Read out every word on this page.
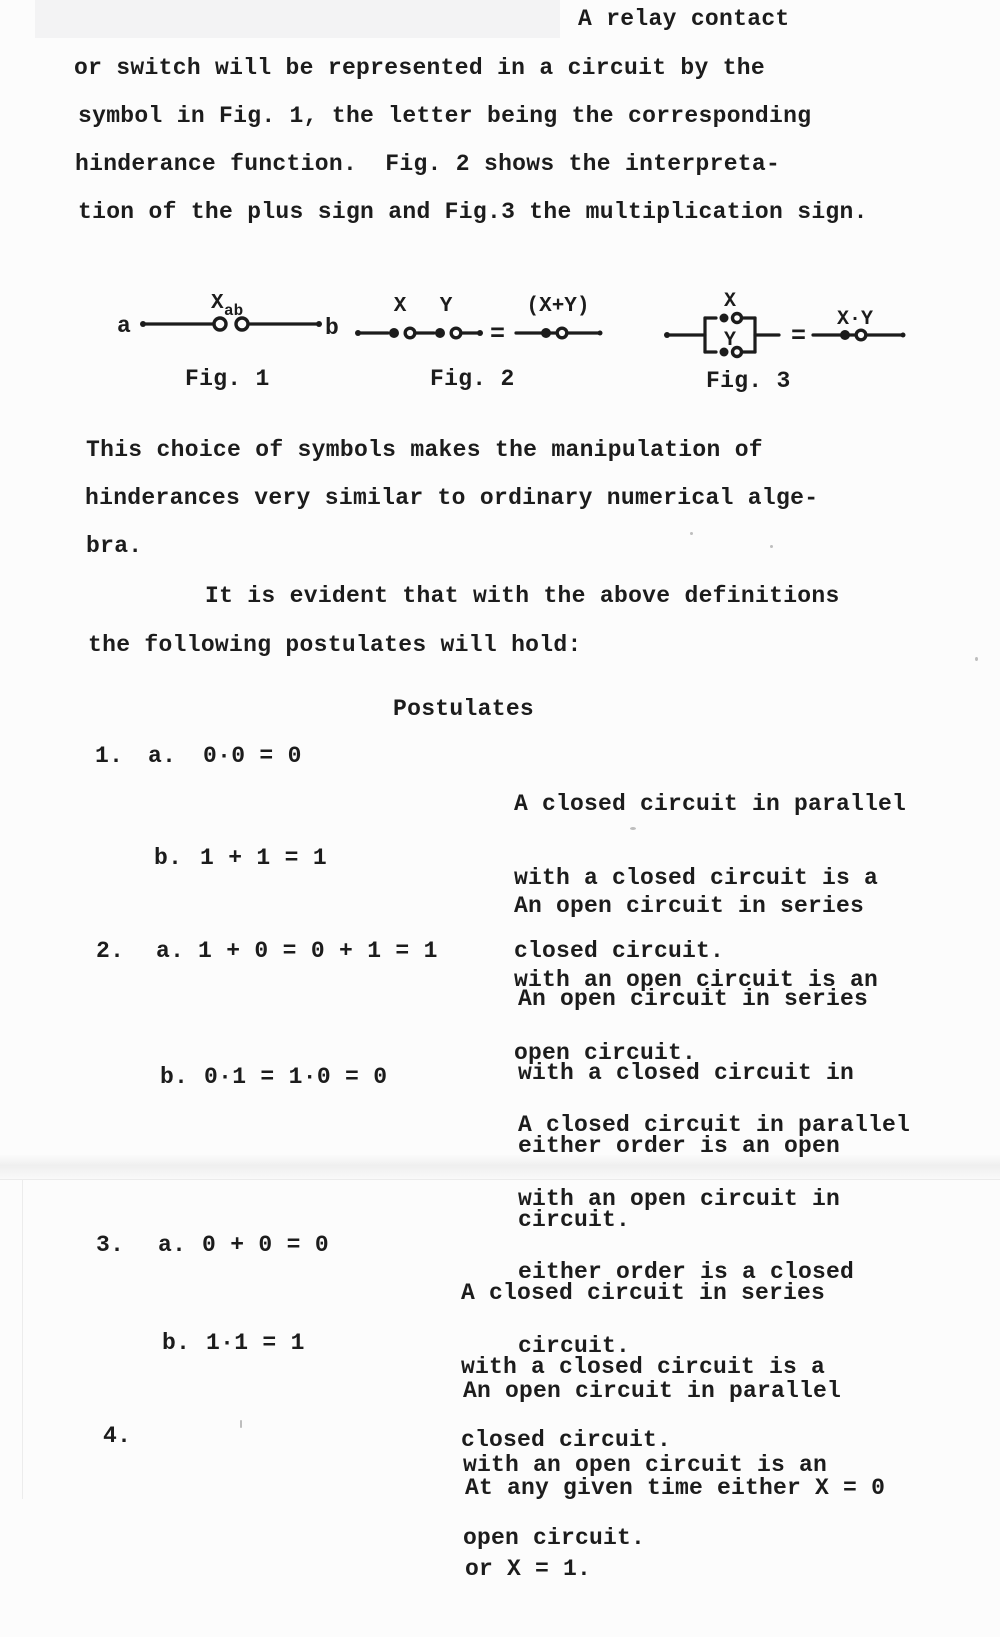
A relay contact
or switch will be represented in a circuit by the
symbol in Fig. 1, the letter being the corresponding
hinderance function.  Fig. 2 shows the interpreta-
tion of the plus sign and Fig.3 the multiplication sign.
a	b
X ab
Fig. 1
X Y
=
(X+Y)
Fig. 2
X
Y =
X·Y
Fig. 3
This choice of symbols makes the manipulation of
hinderances very similar to ordinary numerical alge-
bra.
It is evident that with the above definitions
the following postulates will hold:
Postulates
1. a. 0·0 = 0

A closed circuit in parallel

with a closed circuit is a

closed circuit.

b. 1 + 1 = 1

An open circuit in series

with an open circuit is an

open circuit.

2. a. 1 + 0 = 0 + 1 = 1

An open circuit in series

with a closed circuit in

either order is an open

circuit.

b. 0·1 = 1·0 = 0

A closed circuit in parallel

with an open circuit in

either order is a closed

circuit.

3. a. 0 + 0 = 0

A closed circuit in series

with a closed circuit is a

closed circuit.

b. 1·1 = 1

An open circuit in parallel

with an open circuit is an

open circuit.

4.

At any given time either X = 0

or X = 1.
